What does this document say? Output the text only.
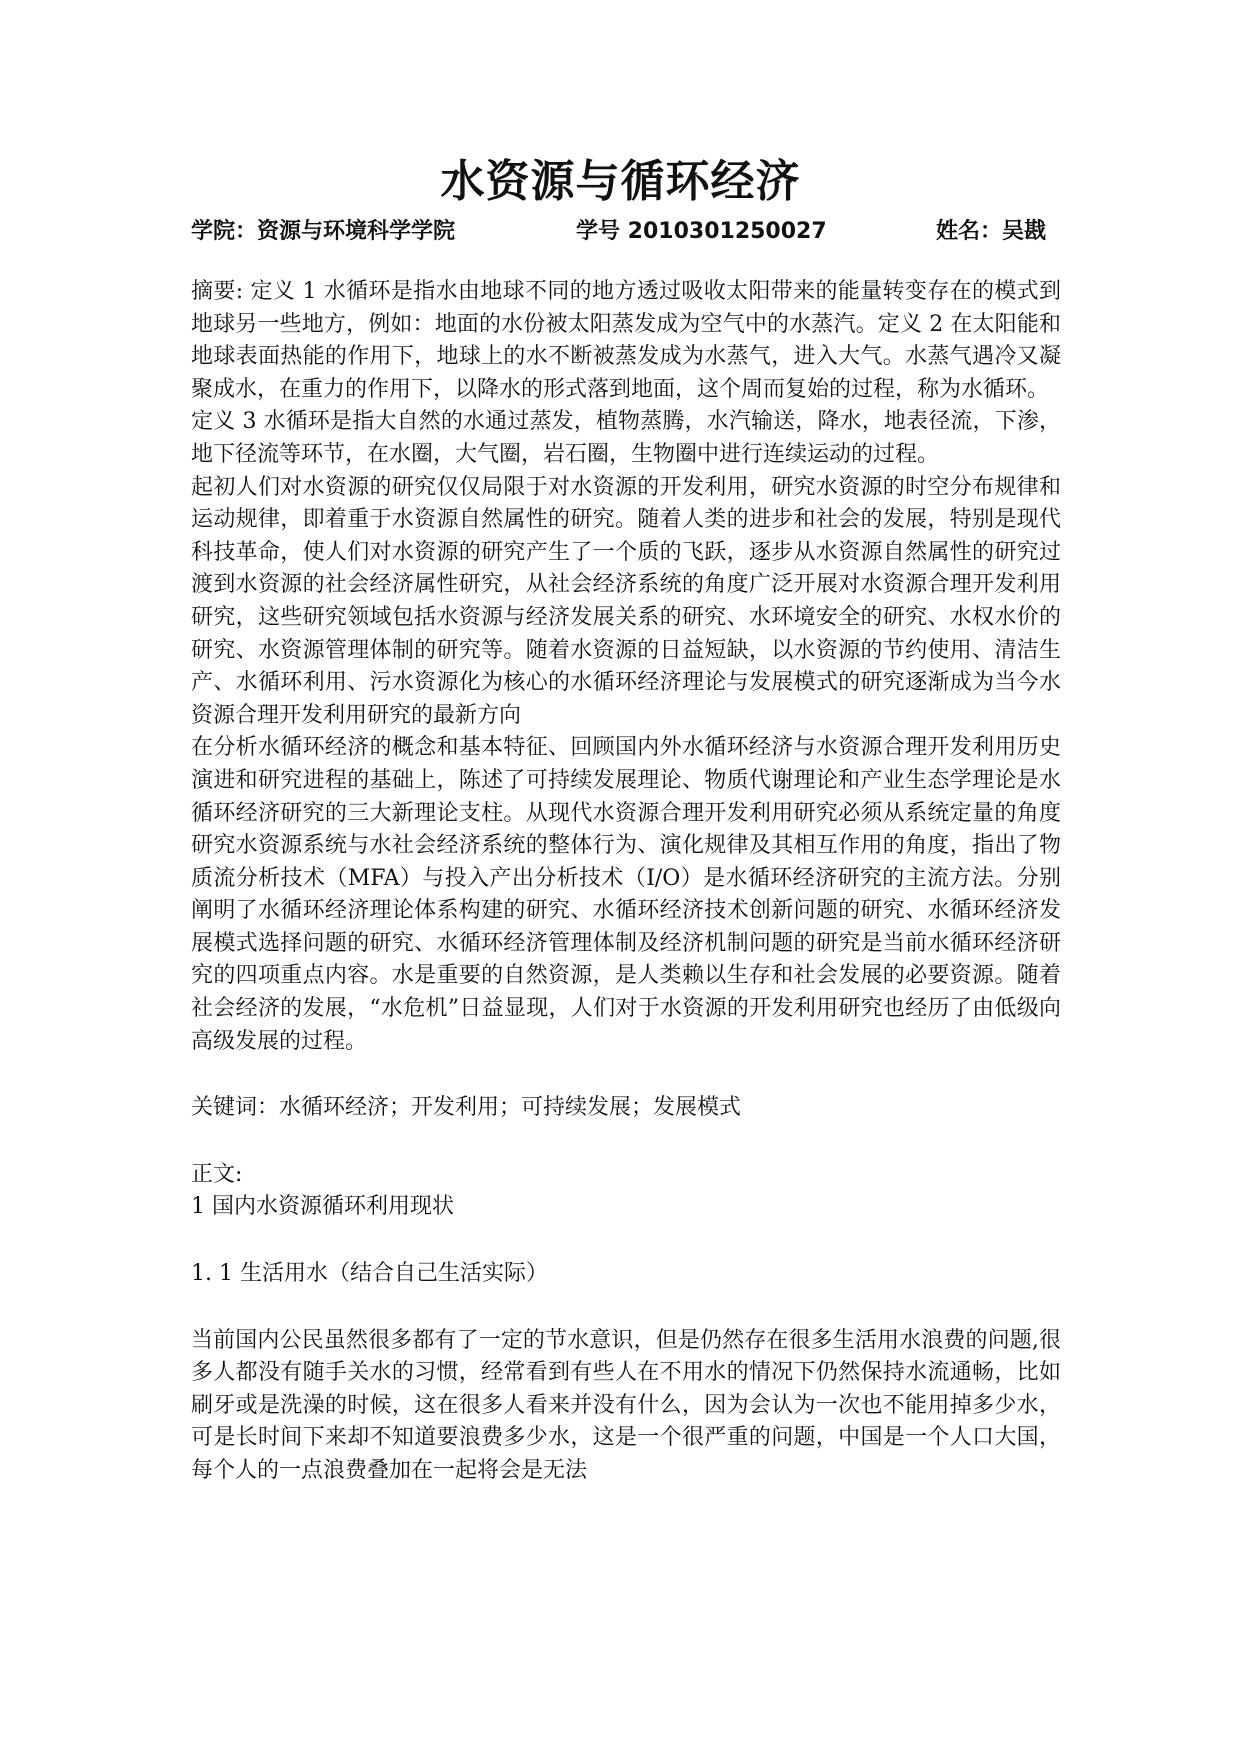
水资源与循环经济
学院：资源与环境科学学院	学号 2010301250027	姓名：吴戡

摘要: 定义 1 水循环是指水由地球不同的地方透过吸收太阳带来的能量转变存在的模式到地球另一些地方，例如：地面的水份被太阳蒸发成为空气中的水蒸汽。定义 2 在太阳能和地球表面热能的作用下，地球上的水不断被蒸发成为水蒸气，进入大气。水蒸气遇冷又凝聚成水，在重力的作用下，以降水的形式落到地面，这个周而复始的过程，称为水循环。

定义 3 水循环是指大自然的水通过蒸发，植物蒸腾，水汽输送，降水，地表径流，下渗，地下径流等环节，在水圈，大气圈，岩石圈，生物圈中进行连续运动的过程。

起初人们对水资源的研究仅仅局限于对水资源的开发利用，研究水资源的时空分布规律和运动规律，即着重于水资源自然属性的研究。随着人类的进步和社会的发展，特别是现代科技革命，使人们对水资源的研究产生了一个质的飞跃，逐步从水资源自然属性的研究过渡到水资源的社会经济属性研究，从社会经济系统的角度广泛开展对水资源合理开发利用研究，这些研究领域包括水资源与经济发展关系的研究、水环境安全的研究、水权水价的研究、水资源管理体制的研究等。随着水资源的日益短缺，以水资源的节约使用、清洁生产、水循环利用、污水资源化为核心的水循环经济理论与发展模式的研究逐渐成为当今水资源合理开发利用研究的最新方向

在分析水循环经济的概念和基本特征、回顾国内外水循环经济与水资源合理开发利用历史演进和研究进程的基础上，陈述了可持续发展理论、物质代谢理论和产业生态学理论是水循环经济研究的三大新理论支柱。从现代水资源合理开发利用研究必须从系统定量的角度研究水资源系统与水社会经济系统的整体行为、演化规律及其相互作用的角度，指出了物质流分析技术（MFA）与投入产出分析技术（I/O）是水循环经济研究的主流方法。分别阐明了水循环经济理论体系构建的研究、水循环经济技术创新问题的研究、水循环经济发展模式选择问题的研究、水循环经济管理体制及经济机制问题的研究是当前水循环经济研究的四项重点内容。水是重要的自然资源，是人类赖以生存和社会发展的必要资源。随着社会经济的发展，“水危机”日益显现，人们对于水资源的开发利用研究也经历了由低级向高级发展的过程。

关键词：水循环经济；开发利用；可持续发展；发展模式

正文:

1 国内水资源循环利用现状

1. 1 生活用水（结合自己生活实际）

当前国内公民虽然很多都有了一定的节水意识，但是仍然存在很多生活用水浪费的问题,很多人都没有随手关水的习惯，经常看到有些人在不用水的情况下仍然保持水流通畅，比如刷牙或是洗澡的时候，这在很多人看来并没有什么，因为会认为一次也不能用掉多少水，可是长时间下来却不知道要浪费多少水，这是一个很严重的问题，中国是一个人口大国，每个人的一点浪费叠加在一起将会是无法
